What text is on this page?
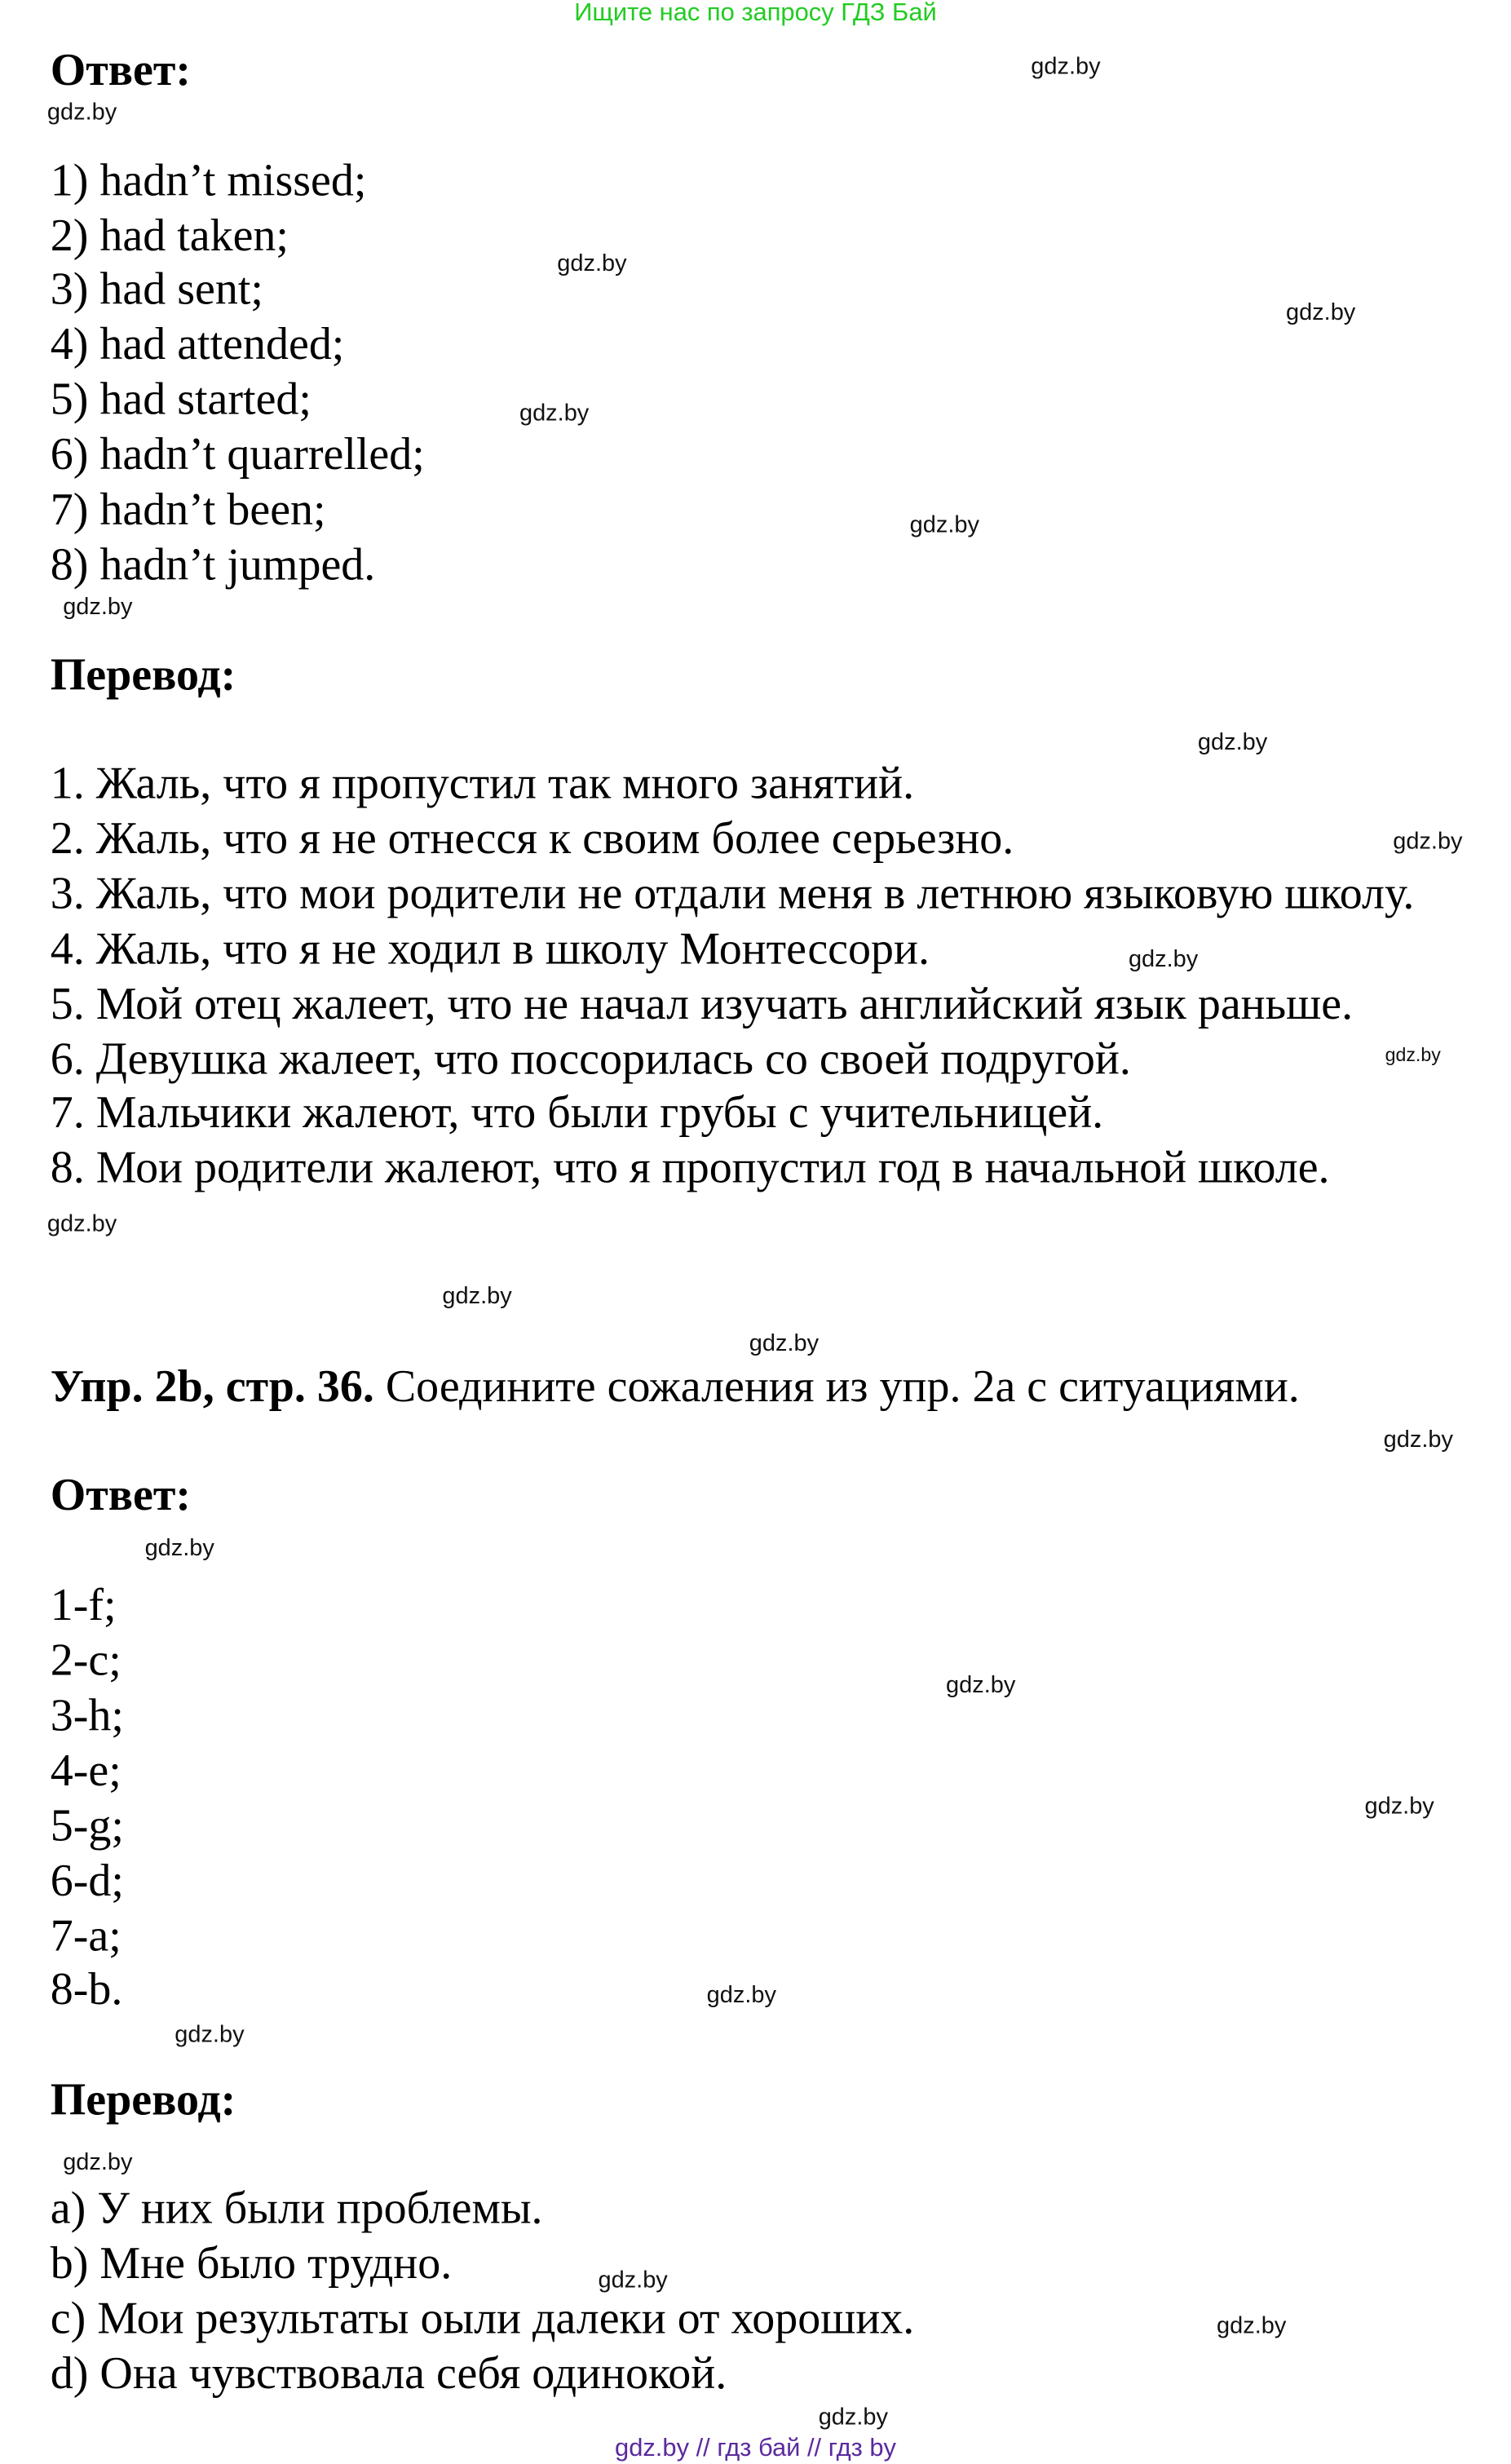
Ищите нас по запросу ГДЗ Бай
Ответ:
1) hadn’t missed;
2) had taken;
3) had sent;
4) had attended;
5) had started;
6) hadn’t quarrelled;
7) hadn’t been;
8) hadn’t jumped.
Перевод:
1. Жаль, что я пропустил так много занятий.
2. Жаль, что я не отнесся к своим более серьезно.
3. Жаль, что мои родители не отдали меня в летнюю языковую школу.
4. Жаль, что я не ходил в школу Монтессори.
5. Мой отец жалеет, что не начал изучать английский язык раньше.
6. Девушка жалеет, что поссорилась со своей подругой.
7. Мальчики жалеют, что были грубы с учительницей.
8. Мои родители жалеют, что я пропустил год в начальной школе.
Упр. 2b, стр. 36. Соедините сожаления из упр. 2а с ситуациями.
Ответ:
1-f;
2-c;
3-h;
4-e;
5-g;
6-d;
7-a;
8-b.
Перевод:
a) У них были проблемы.
b) Мне было трудно.
c) Мои результаты оыли далеки от хороших.
d) Она чувствовала себя одинокой.
gdz.by
gdz.by
gdz.by
gdz.by
gdz.by
gdz.by
gdz.by
gdz.by
gdz.by
gdz.by
gdz.by
gdz.by
gdz.by
gdz.by
gdz.by
gdz.by
gdz.by
gdz.by
gdz.by
gdz.by
gdz.by
gdz.by
gdz.by
gdz.by
gdz.by // гдз бай // гдз by
